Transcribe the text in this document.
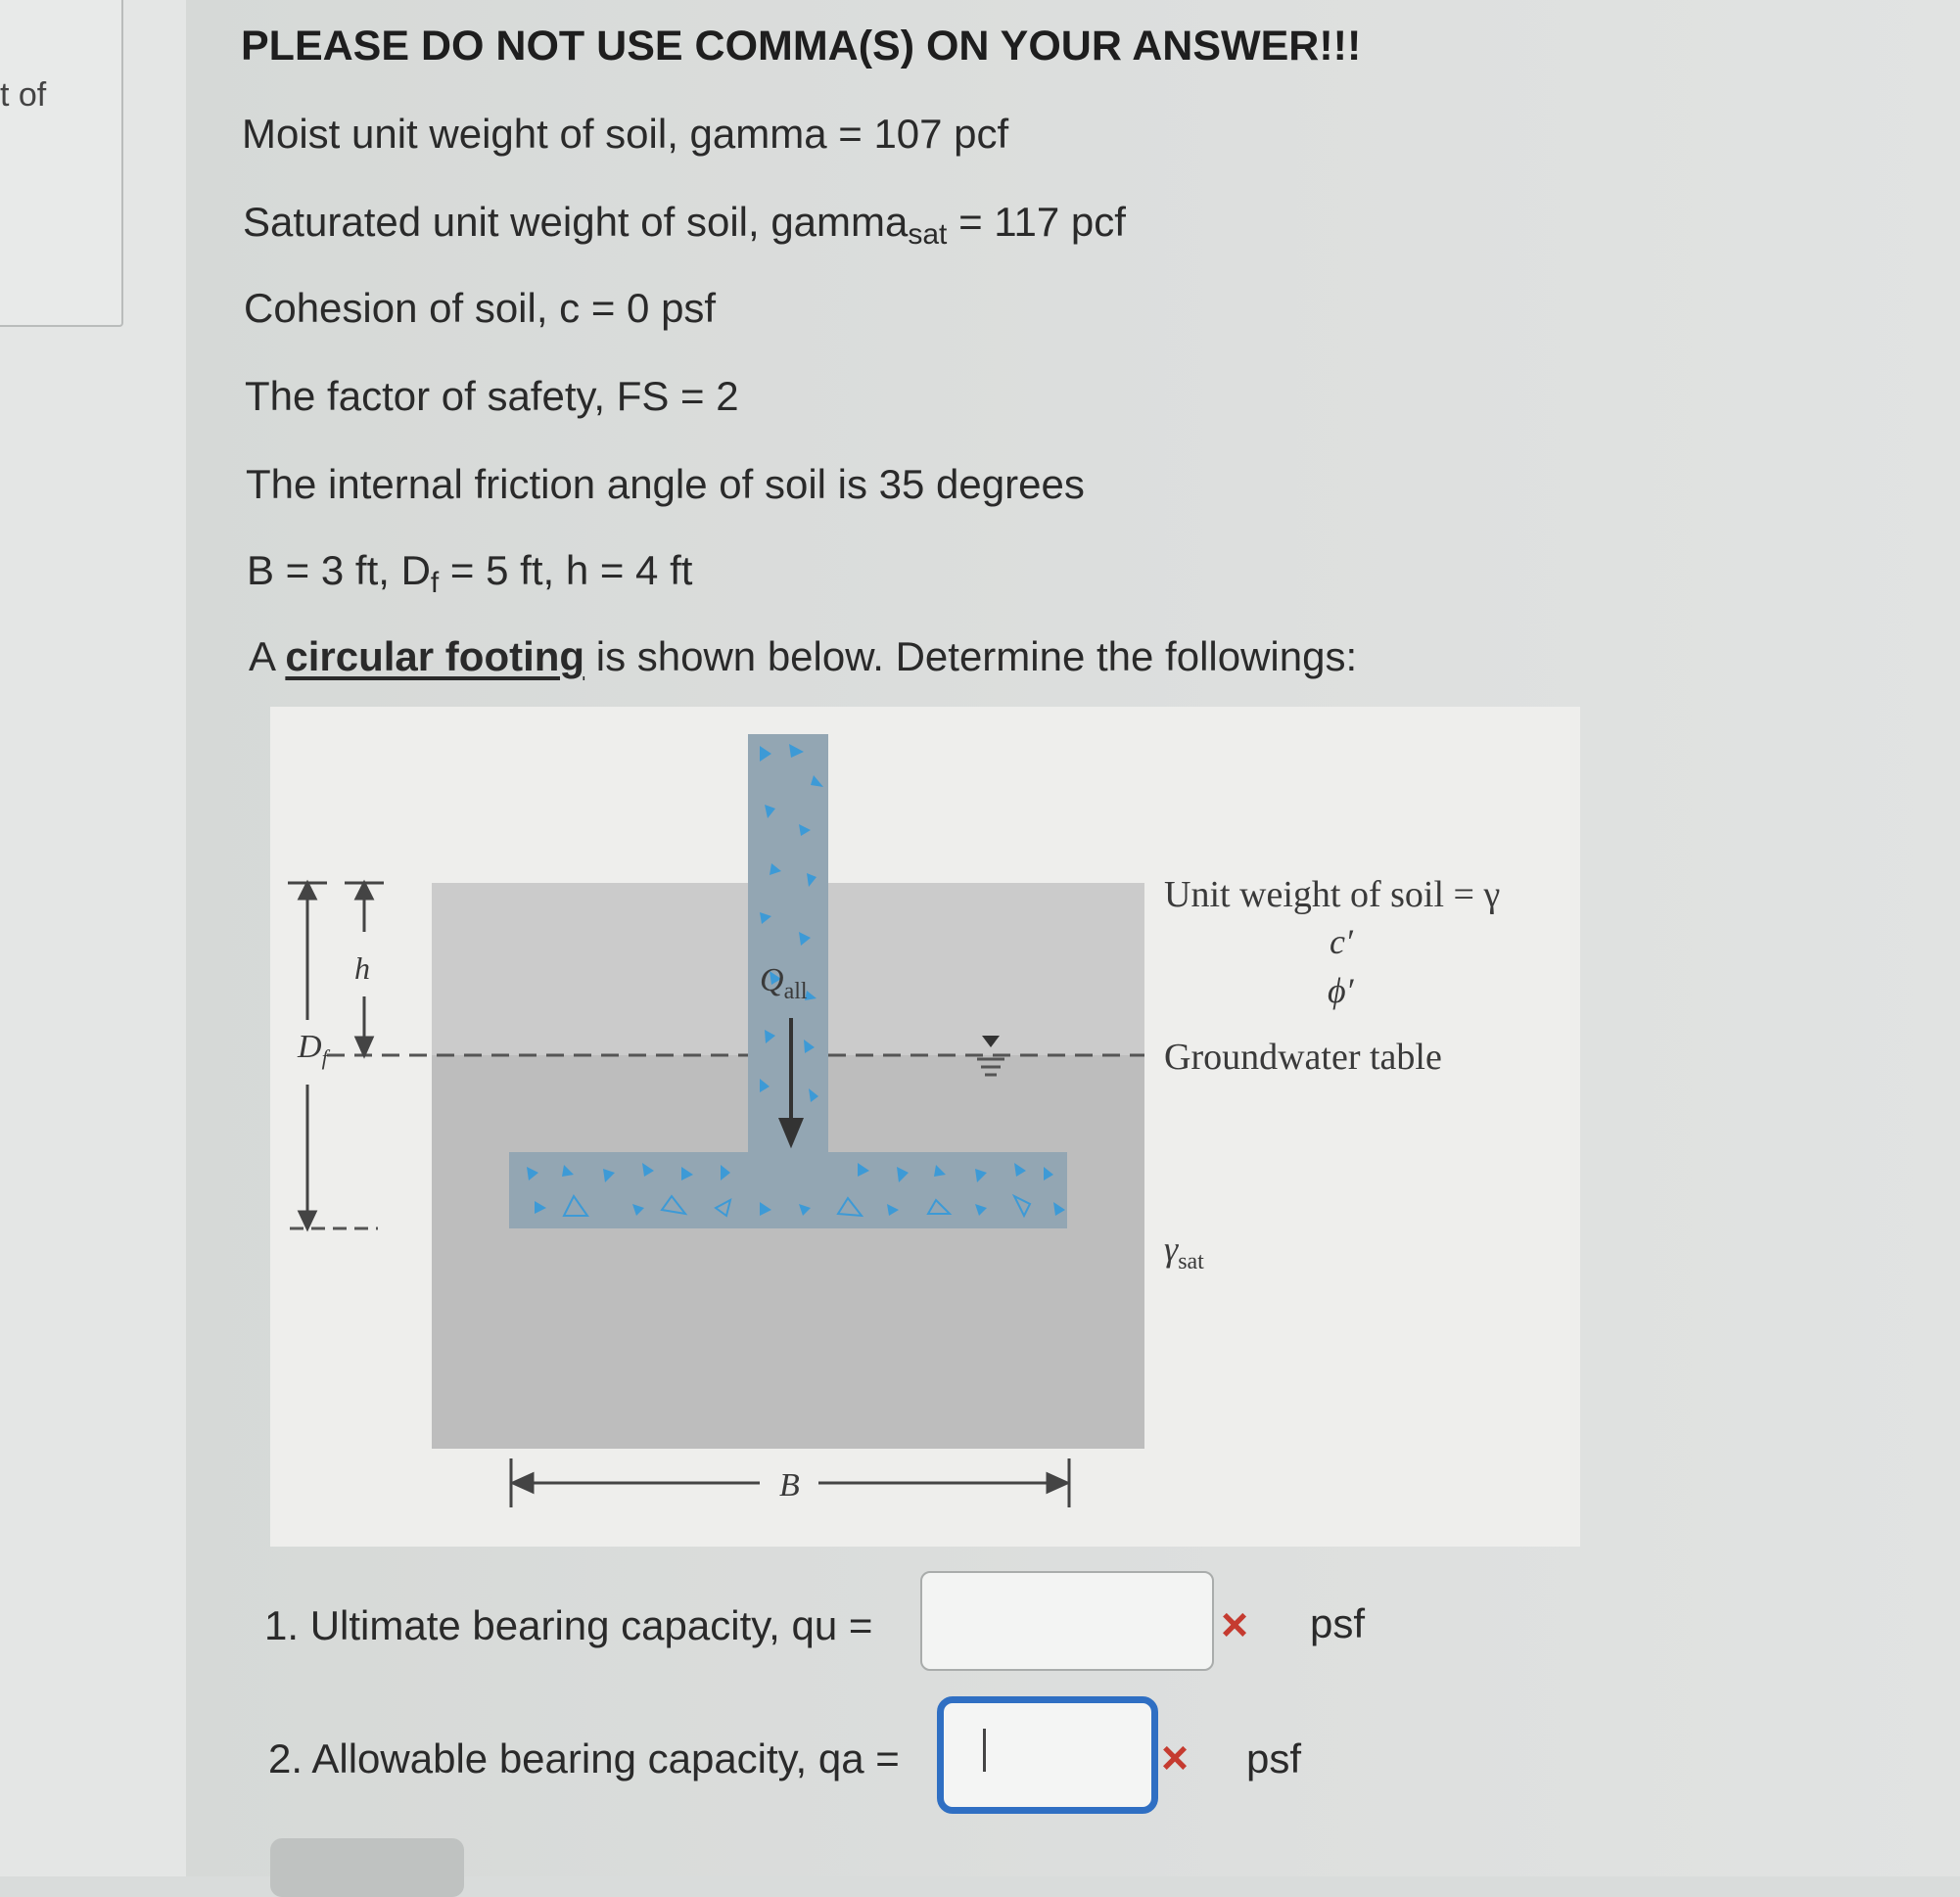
t of
PLEASE DO NOT USE COMMA(S) ON YOUR ANSWER!!!
Moist unit weight of soil, gamma = 107 pcf
Saturated unit weight of soil, gamma$_{sat}$ = 117 pcf
Cohesion of soil, c = 0 psf
The factor of safety, FS = 2
The internal friction angle of soil is 35 degrees
B = 3 ft, $D_f = 5$ ft, h = 4 ft
A circular footing is shown below. Determine the followings:
h
$D_f$
$Q_{all}$
B
Unit weight of soil = γ
c′
ϕ′
Groundwater table
$\gamma_{sat}$
1. Ultimate bearing capacity, qu =	× psf
2. Allowable bearing capacity, qa =	× psf
